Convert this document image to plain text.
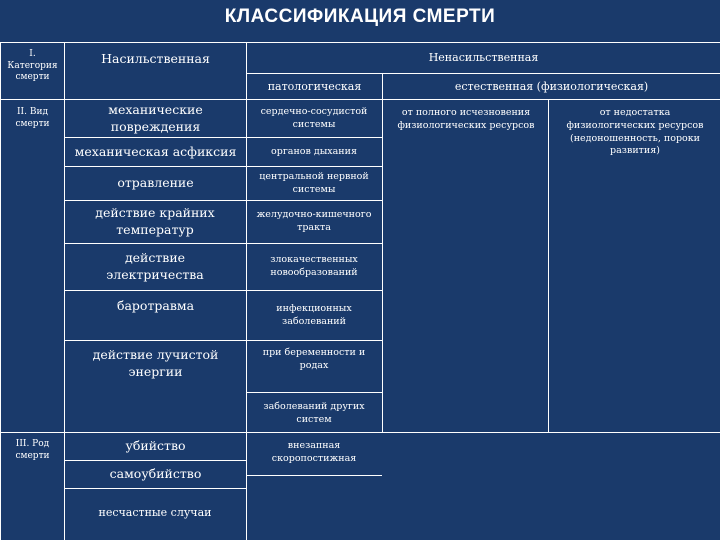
КЛАССИФИКАЦИЯ СМЕРТИ
I. Категория смерти
II. Вид смерти
III. Род смерти
Насильственная	Ненасильственная
патологическая	естественная (физиологическая)
механические повреждения
механическая асфиксия
отравление
действие крайних температур
действие электричества
баротравма
действие лучистой энергии
сердечно-сосудистой системы
органов дыхания
центральной нервной системы
желудочно-кишечного тракта
злокачественных новообразований
инфекционных заболеваний
при беременности и родах
заболеваний других систем
от полного исчезновения физиологических ресурсов
от недостатка физиологических ресурсов (недоношенность, пороки развития)
убийство
самоубийство
несчастные случаи
внезапная скоропостижная
